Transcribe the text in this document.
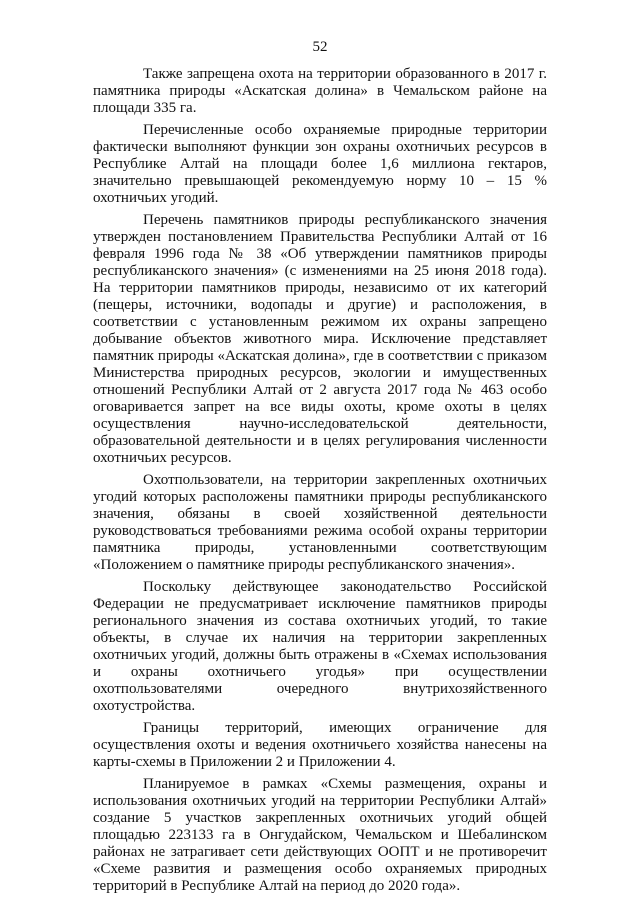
52

Также запрещена охота на территории образованного в 2017 г. памятника природы «Аскатская долина» в Чемальском районе на площади 335 га.

Перечисленные особо охраняемые природные территории фактически выполняют функции зон охраны охотничьих ресурсов в Республике Алтай на площади более 1,6 миллиона гектаров, значительно превышающей рекомендуемую норму 10 – 15 % охотничьих угодий.

Перечень памятников природы республиканского значения утвержден постановлением Правительства Республики Алтай от 16 февраля 1996 года № 38 «Об утверждении памятников природы республиканского значения» (с изменениями на 25 июня 2018 года). На территории памятников природы, независимо от их категорий (пещеры, источники, водопады и другие) и расположения, в соответствии с установленным режимом их охраны запрещено добывание объектов животного мира. Исключение представляет памятник природы «Аскатская долина», где в соответствии с приказом Министерства природных ресурсов, экологии и имущественных отношений Республики Алтай от 2 августа 2017 года № 463 особо оговаривается запрет на все виды охоты, кроме охоты в целях осуществления научно-исследовательской деятельности, образовательной деятельности и в целях регулирования численности охотничьих ресурсов.

Охотпользователи, на территории закрепленных охотничьих угодий которых расположены памятники природы республиканского значения, обязаны в своей хозяйственной деятельности руководствоваться требованиями режима особой охраны территории памятника природы, установленными соответствующим «Положением о памятнике природы республиканского значения».

Поскольку действующее законодательство Российской Федерации не предусматривает исключение памятников природы регионального значения из состава охотничьих угодий, то такие объекты, в случае их наличия на территории закрепленных охотничьих угодий, должны быть отражены в «Схемах использования и охраны охотничьего угодья» при осуществлении охотпользователями очередного внутрихозяйственного охотустройства.

Границы территорий, имеющих ограничение для осуществления охоты и ведения охотничьего хозяйства нанесены на карты-схемы в Приложении 2 и Приложении 4.

Планируемое в рамках «Схемы размещения, охраны и использования охотничьих угодий на территории Республики Алтай» создание 5 участков закрепленных охотничьих угодий общей площадью 223133 га в Онгудайском, Чемальском и Шебалинском районах не затрагивает сети действующих ООПТ и не противоречит «Схеме развития и размещения особо охраняемых природных территорий в Республике Алтай на период до 2020 года».
